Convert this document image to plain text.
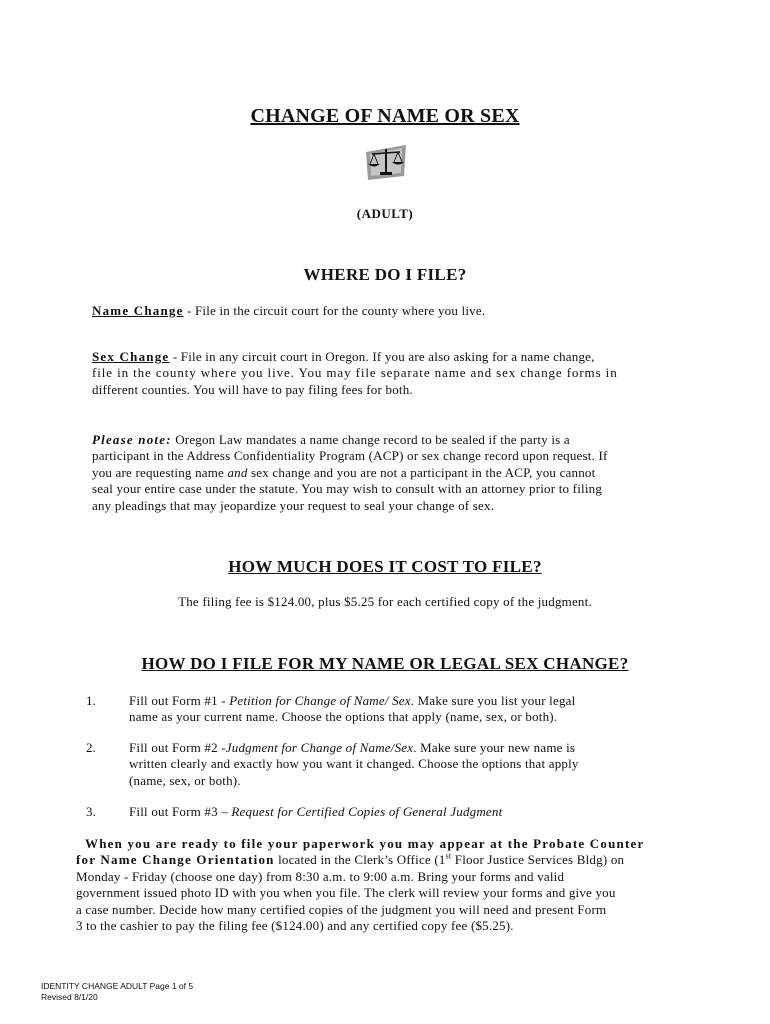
CHANGE OF NAME OR SEX
(ADULT)
WHERE DO I FILE?
Name Change - File in the circuit court for the county where you live.
Sex Change - File in any circuit court in Oregon. If you are also asking for a name change,
file in the county where you live. You may file separate name and sex change forms in
different counties. You will have to pay filing fees for both.
Please note: Oregon Law mandates a name change record to be sealed if the party is a
participant in the Address Confidentiality Program (ACP) or sex change record upon request. If
you are requesting name and sex change and you are not a participant in the ACP, you cannot
seal your entire case under the statute. You may wish to consult with an attorney prior to filing
any pleadings that may jeopardize your request to seal your change of sex.
HOW MUCH DOES IT COST TO FILE?
The filing fee is $124.00, plus $5.25 for each certified copy of the judgment.
HOW DO I FILE FOR MY NAME OR LEGAL SEX CHANGE?
1.	Fill out Form #1 - Petition for Change of Name/ Sex. Make sure you list your legal
name as your current name. Choose the options that apply (name, sex, or both).
2.	Fill out Form #2 -Judgment for Change of Name/Sex. Make sure your new name is
written clearly and exactly how you want it changed. Choose the options that apply
(name, sex, or both).
3.	Fill out Form #3 – Request for Certified Copies of General Judgment
When you are ready to file your paperwork you may appear at the Probate Counter
for Name Change Orientation located in the Clerk’s Office (1st Floor Justice Services Bldg) on
Monday - Friday (choose one day) from 8:30 a.m. to 9:00 a.m. Bring your forms and valid
government issued photo ID with you when you file. The clerk will review your forms and give you
a case number. Decide how many certified copies of the judgment you will need and present Form
3 to the cashier to pay the filing fee ($124.00) and any certified copy fee ($5.25).
IDENTITY CHANGE ADULT Page 1 of 5
Revised 8/1/20
